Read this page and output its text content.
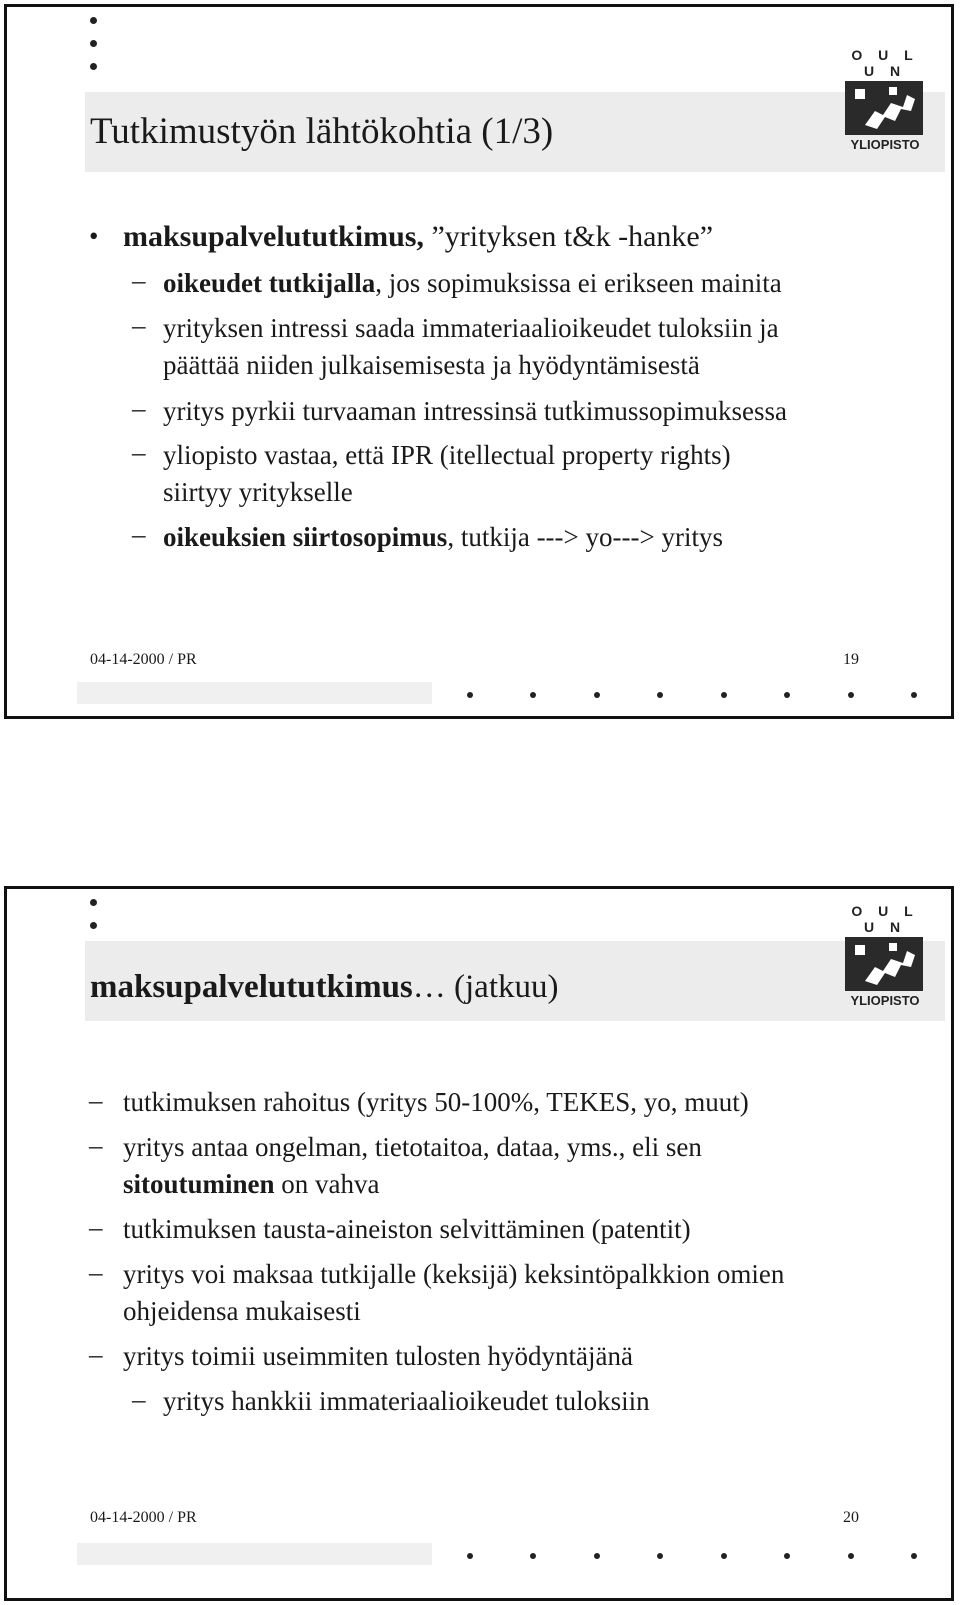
Tutkimustyön lähtökohtia (1/3)
O U L U N
YLIOPISTO
• maksupalvelututkimus, ”yrityksen t&k -hanke”
– oikeudet tutkijalla, jos sopimuksissa ei erikseen mainita
– yrityksen intressi saada immateriaalioikeudet tuloksiin ja
päättää niiden julkaisemisesta ja hyödyntämisestä
– yritys pyrkii turvaaman intressinsä tutkimussopimuksessa
– yliopisto vastaa, että IPR (itellectual property rights)
siirtyy yritykselle
– oikeuksien siirtosopimus, tutkija ---> yo---> yritys
04-14-2000 / PR	19
maksupalvelututkimus… (jatkuu)
O U L U N
YLIOPISTO
– tutkimuksen rahoitus (yritys 50-100%, TEKES, yo, muut)
– yritys antaa ongelman, tietotaitoa, dataa, yms., eli sen
sitoutuminen on vahva
– tutkimuksen tausta-aineiston selvittäminen (patentit)
– yritys voi maksaa tutkijalle (keksijä) keksintöpalkkion omien
ohjeidensa mukaisesti
– yritys toimii useimmiten tulosten hyödyntäjänä
– yritys hankkii immateriaalioikeudet tuloksiin
04-14-2000 / PR	20
